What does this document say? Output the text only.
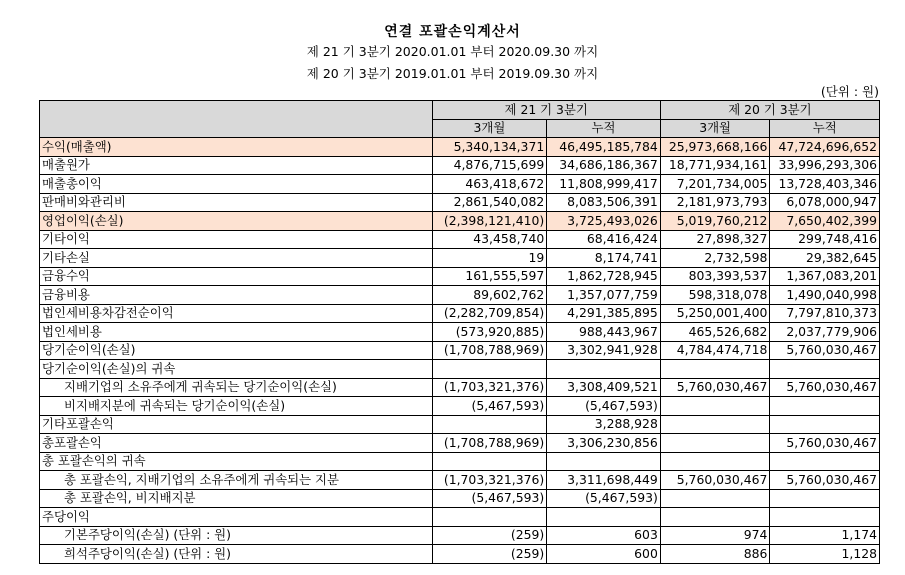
연결 포괄손익계산서
제 21 기 3분기 2020.01.01 부터 2020.09.30 까지
제 20 기 3분기 2019.01.01 부터 2019.09.30 까지
(단위 : 원)
	제 21 기 3분기		제 20 기 3분기	
	3개월	누적	3개월	누적
수익(매출액)	5,340,134,371	46,495,185,784	25,973,668,166	47,724,696,652
매출원가	4,876,715,699	34,686,186,367	18,771,934,161	33,996,293,306
매출총이익	463,418,672	11,808,999,417	7,201,734,005	13,728,403,346
판매비와관리비	2,861,540,082	8,083,506,391	2,181,973,793	6,078,000,947
영업이익(손실)	(2,398,121,410)	3,725,493,026	5,019,760,212	7,650,402,399
기타이익	43,458,740	68,416,424	27,898,327	299,748,416
기타손실	19	8,174,741	2,732,598	29,382,645
금융수익	161,555,597	1,862,728,945	803,393,537	1,367,083,201
금융비용	89,602,762	1,357,077,759	598,318,078	1,490,040,998
법인세비용차감전순이익	(2,282,709,854)	4,291,385,895	5,250,001,400	7,797,810,373
법인세비용	(573,920,885)	988,443,967	465,526,682	2,037,779,906
당기순이익(손실)	(1,708,788,969)	3,302,941,928	4,784,474,718	5,760,030,467
당기순이익(손실)의 귀속				
지배기업의 소유주에게 귀속되는 당기순이익(손실)	(1,703,321,376)	3,308,409,521	5,760,030,467	5,760,030,467
비지배지분에 귀속되는 당기순이익(손실)	(5,467,593)	(5,467,593)		
기타포괄손익		3,288,928		
총포괄손익	(1,708,788,969)	3,306,230,856		5,760,030,467
총 포괄손익의 귀속				
총 포괄손익, 지배기업의 소유주에게 귀속되는 지분	(1,703,321,376)	3,311,698,449	5,760,030,467	5,760,030,467
총 포괄손익, 비지배지분	(5,467,593)	(5,467,593)		
주당이익				
기본주당이익(손실) (단위 : 원)	(259)	603	974	1,174
희석주당이익(손실) (단위 : 원)	(259)	600	886	1,128
